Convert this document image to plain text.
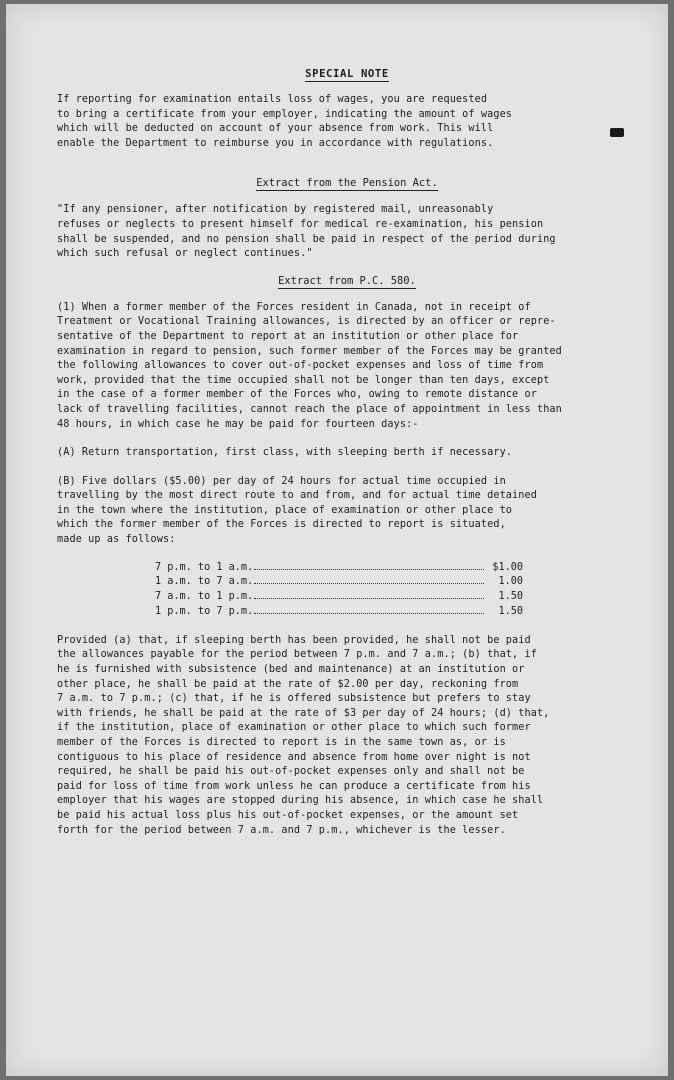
SPECIAL NOTE

If reporting for examination entails loss of wages, you are requested
to bring a certificate from your employer, indicating the amount of wages
which will be deducted on account of your absence from work. This will
enable the Department to reimburse you in accordance with regulations.

Extract from the Pension Act.

"If any pensioner, after notification by registered mail, unreasonably
refuses or neglects to present himself for medical re-examination, his pension
shall be suspended, and no pension shall be paid in respect of the period during
which such refusal or neglect continues."

Extract from P.C. 580.

(1) When a former member of the Forces resident in Canada, not in receipt of
Treatment or Vocational Training allowances, is directed by an officer or repre-
sentative of the Department to report at an institution or other place for
examination in regard to pension, such former member of the Forces may be granted
the following allowances to cover out-of-pocket expenses and loss of time from
work, provided that the time occupied shall not be longer than ten days, except
in the case of a former member of the Forces who, owing to remote distance or
lack of travelling facilities, cannot reach the place of appointment in less than
48 hours, in which case he may be paid for fourteen days:-

(A) Return transportation, first class, with sleeping berth if necessary.

(B) Five dollars ($5.00) per day of 24 hours for actual time occupied in
travelling by the most direct route to and from, and for actual time detained
in the town where the institution, place of examination or other place to
which the former member of the Forces is directed to report is situated,
made up as follows:

7 p.m. to 1 a.m.	$1.00
1 a.m. to 7 a.m.	1.00
7 a.m. to 1 p.m.	1.50
1 p.m. to 7 p.m.	1.50

Provided (a) that, if sleeping berth has been provided, he shall not be paid
the allowances payable for the period between 7 p.m. and 7 a.m.; (b) that, if
he is furnished with subsistence (bed and maintenance) at an institution or
other place, he shall be paid at the rate of $2.00 per day, reckoning from
7 a.m. to 7 p.m.; (c) that, if he is offered subsistence but prefers to stay
with friends, he shall be paid at the rate of $3 per day of 24 hours; (d) that,
if the institution, place of examination or other place to which such former
member of the Forces is directed to report is in the same town as, or is
contiguous to his place of residence and absence from home over night is not
required, he shall be paid his out-of-pocket expenses only and shall not be
paid for loss of time from work unless he can produce a certificate from his
employer that his wages are stopped during his absence, in which case he shall
be paid his actual loss plus his out-of-pocket expenses, or the amount set
forth for the period between 7 a.m. and 7 p.m., whichever is the lesser.
